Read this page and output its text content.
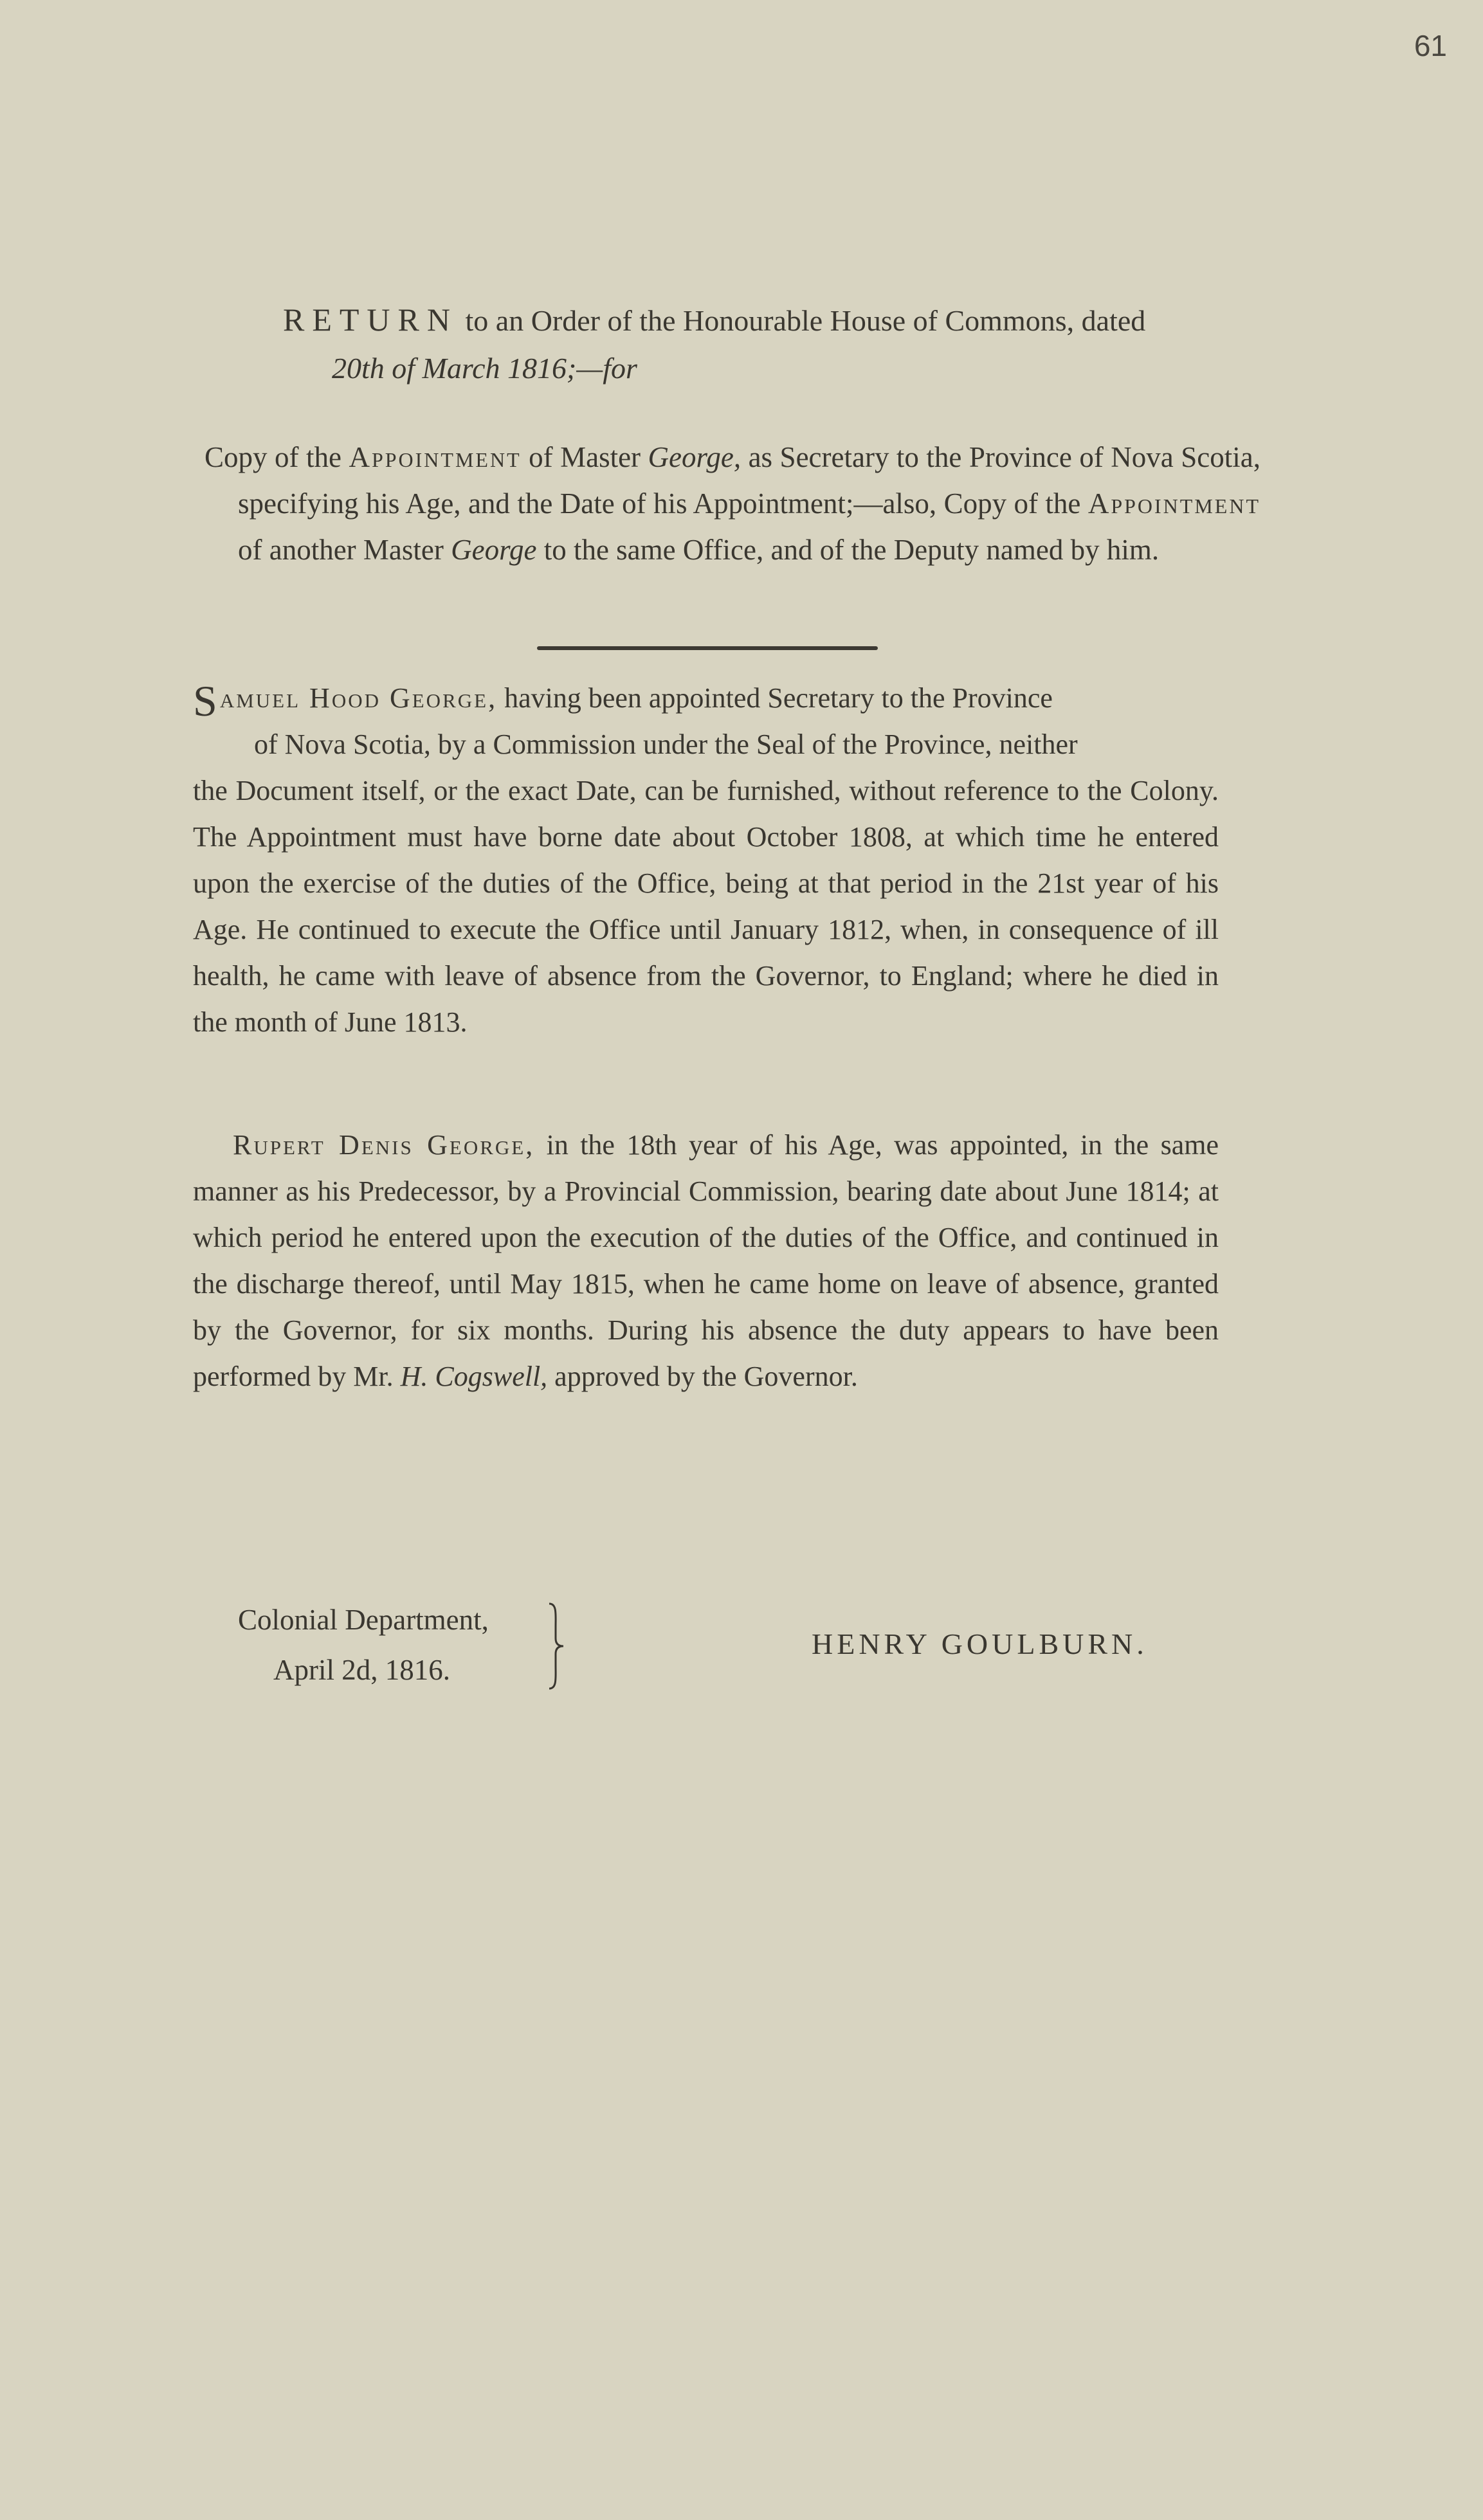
61
RETURN to an Order of the Honourable House of Commons, dated
20th of March 1816;—for
Copy of the Appointment of Master George, as Secretary to the Province of Nova Scotia, specifying his Age, and the Date of his Appointment;—also, Copy of the Appointment of another Master George to the same Office, and of the Deputy named by him.
Samuel Hood George, having been appointed Secretary to the Province
of Nova Scotia, by a Commission under the Seal of the Province, neither
the Document itself, or the exact Date, can be furnished, without reference to the Colony. The Appointment must have borne date about October 1808, at which time he entered upon the exercise of the duties of the Office, being at that period in the 21st year of his Age. He continued to execute the Office until January 1812, when, in consequence of ill health, he came with leave of absence from the Governor, to England; where he died in the month of June 1813.
Rupert Denis George, in the 18th year of his Age, was appointed, in the same manner as his Predecessor, by a Provincial Commission, bearing date about June 1814; at which period he entered upon the execution of the duties of the Office, and continued in the discharge thereof, until May 1815, when he came home on leave of absence, granted by the Governor, for six months. During his absence the duty appears to have been performed by Mr. H. Cogswell, approved by the Governor.
Colonial Department,
April 2d, 1816.
HENRY GOULBURN.
